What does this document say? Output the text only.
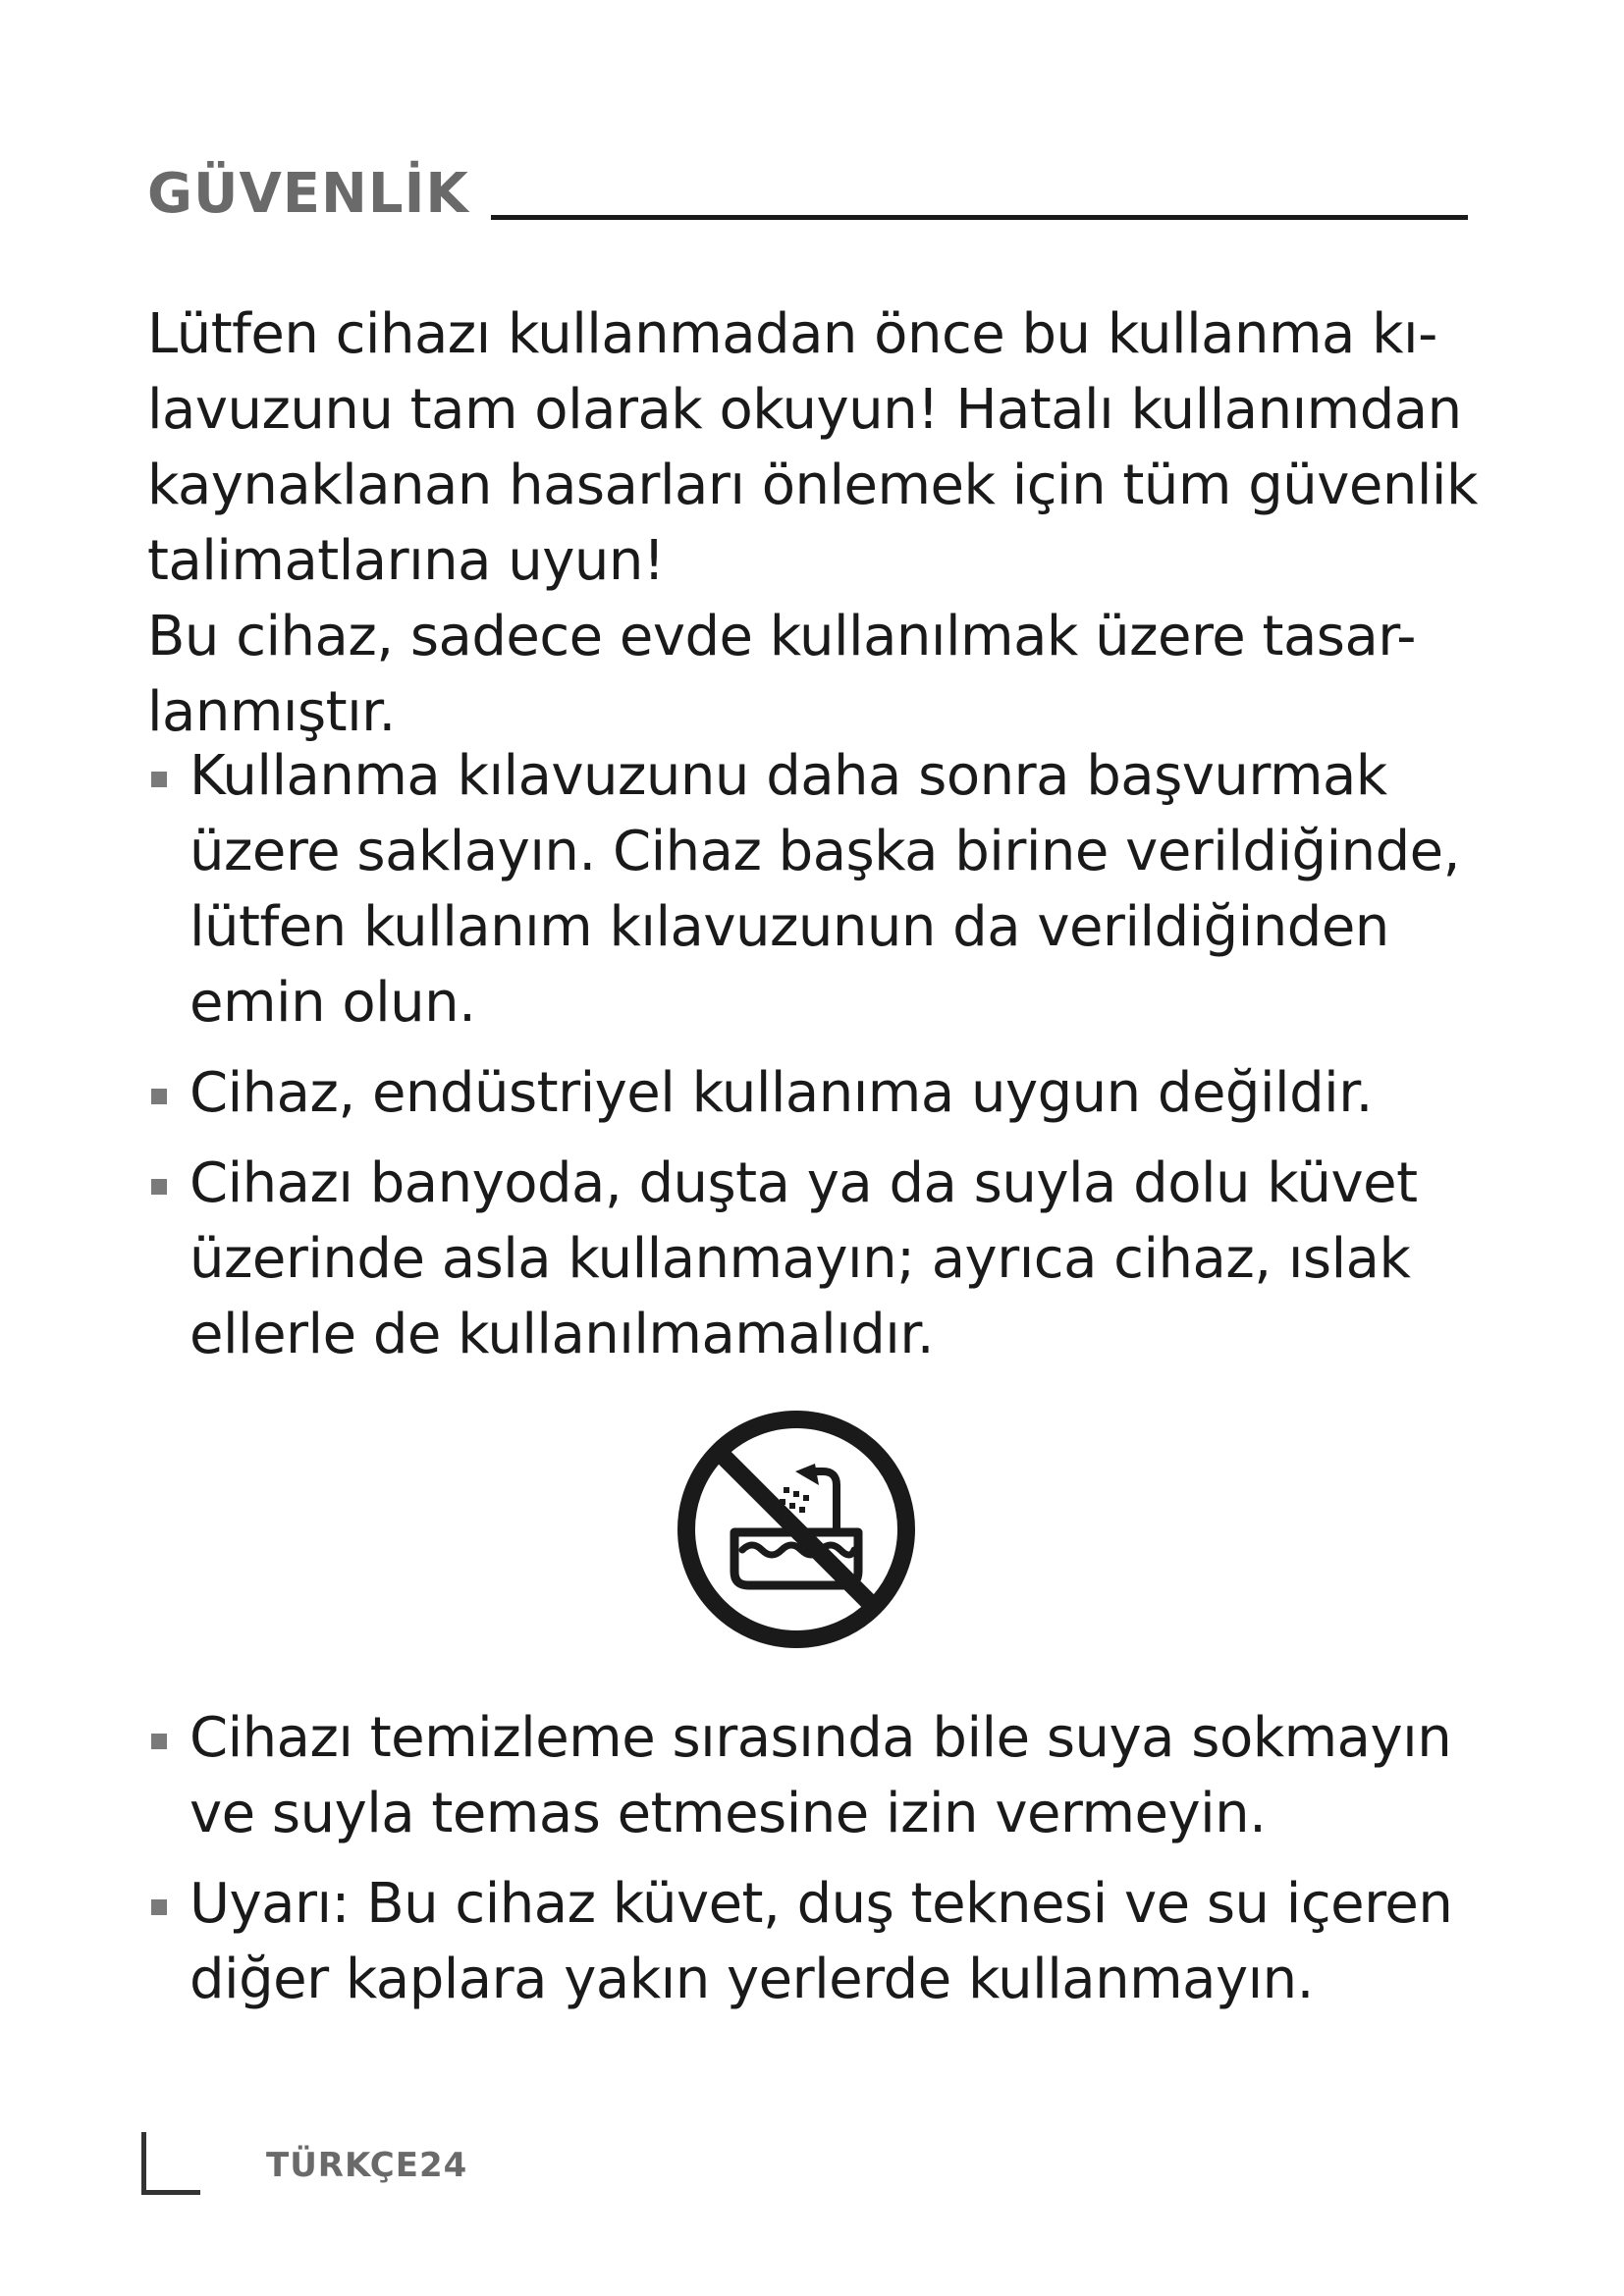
GÜVENLİK

Lütfen cihazı kullanmadan önce bu kullanma kı-
lavuzunu tam olarak okuyun! Hatalı kullanımdan
kaynaklanan hasarları önlemek için tüm güvenlik
talimatlarına uyun!
Bu cihaz, sadece evde kullanılmak üzere tasar-
lanmıştır.

Kullanma kılavuzunu daha sonra başvurmak
üzere saklayın. Cihaz başka birine verildiğinde,
lütfen kullanım kılavuzunun da verildiğinden
emin olun.
Cihaz, endüstriyel kullanıma uygun değildir.
Cihazı banyoda, duşta ya da suyla dolu küvet
üzerinde asla kullanmayın; ayrıca cihaz, ıslak
ellerle de kullanılmamalıdır.
Cihazı temizleme sırasında bile suya sokmayın
ve suyla temas etmesine izin vermeyin.
Uyarı: Bu cihaz küvet, duş teknesi ve su içeren
diğer kaplara yakın yerlerde kullanmayın.
TÜRKÇE24
